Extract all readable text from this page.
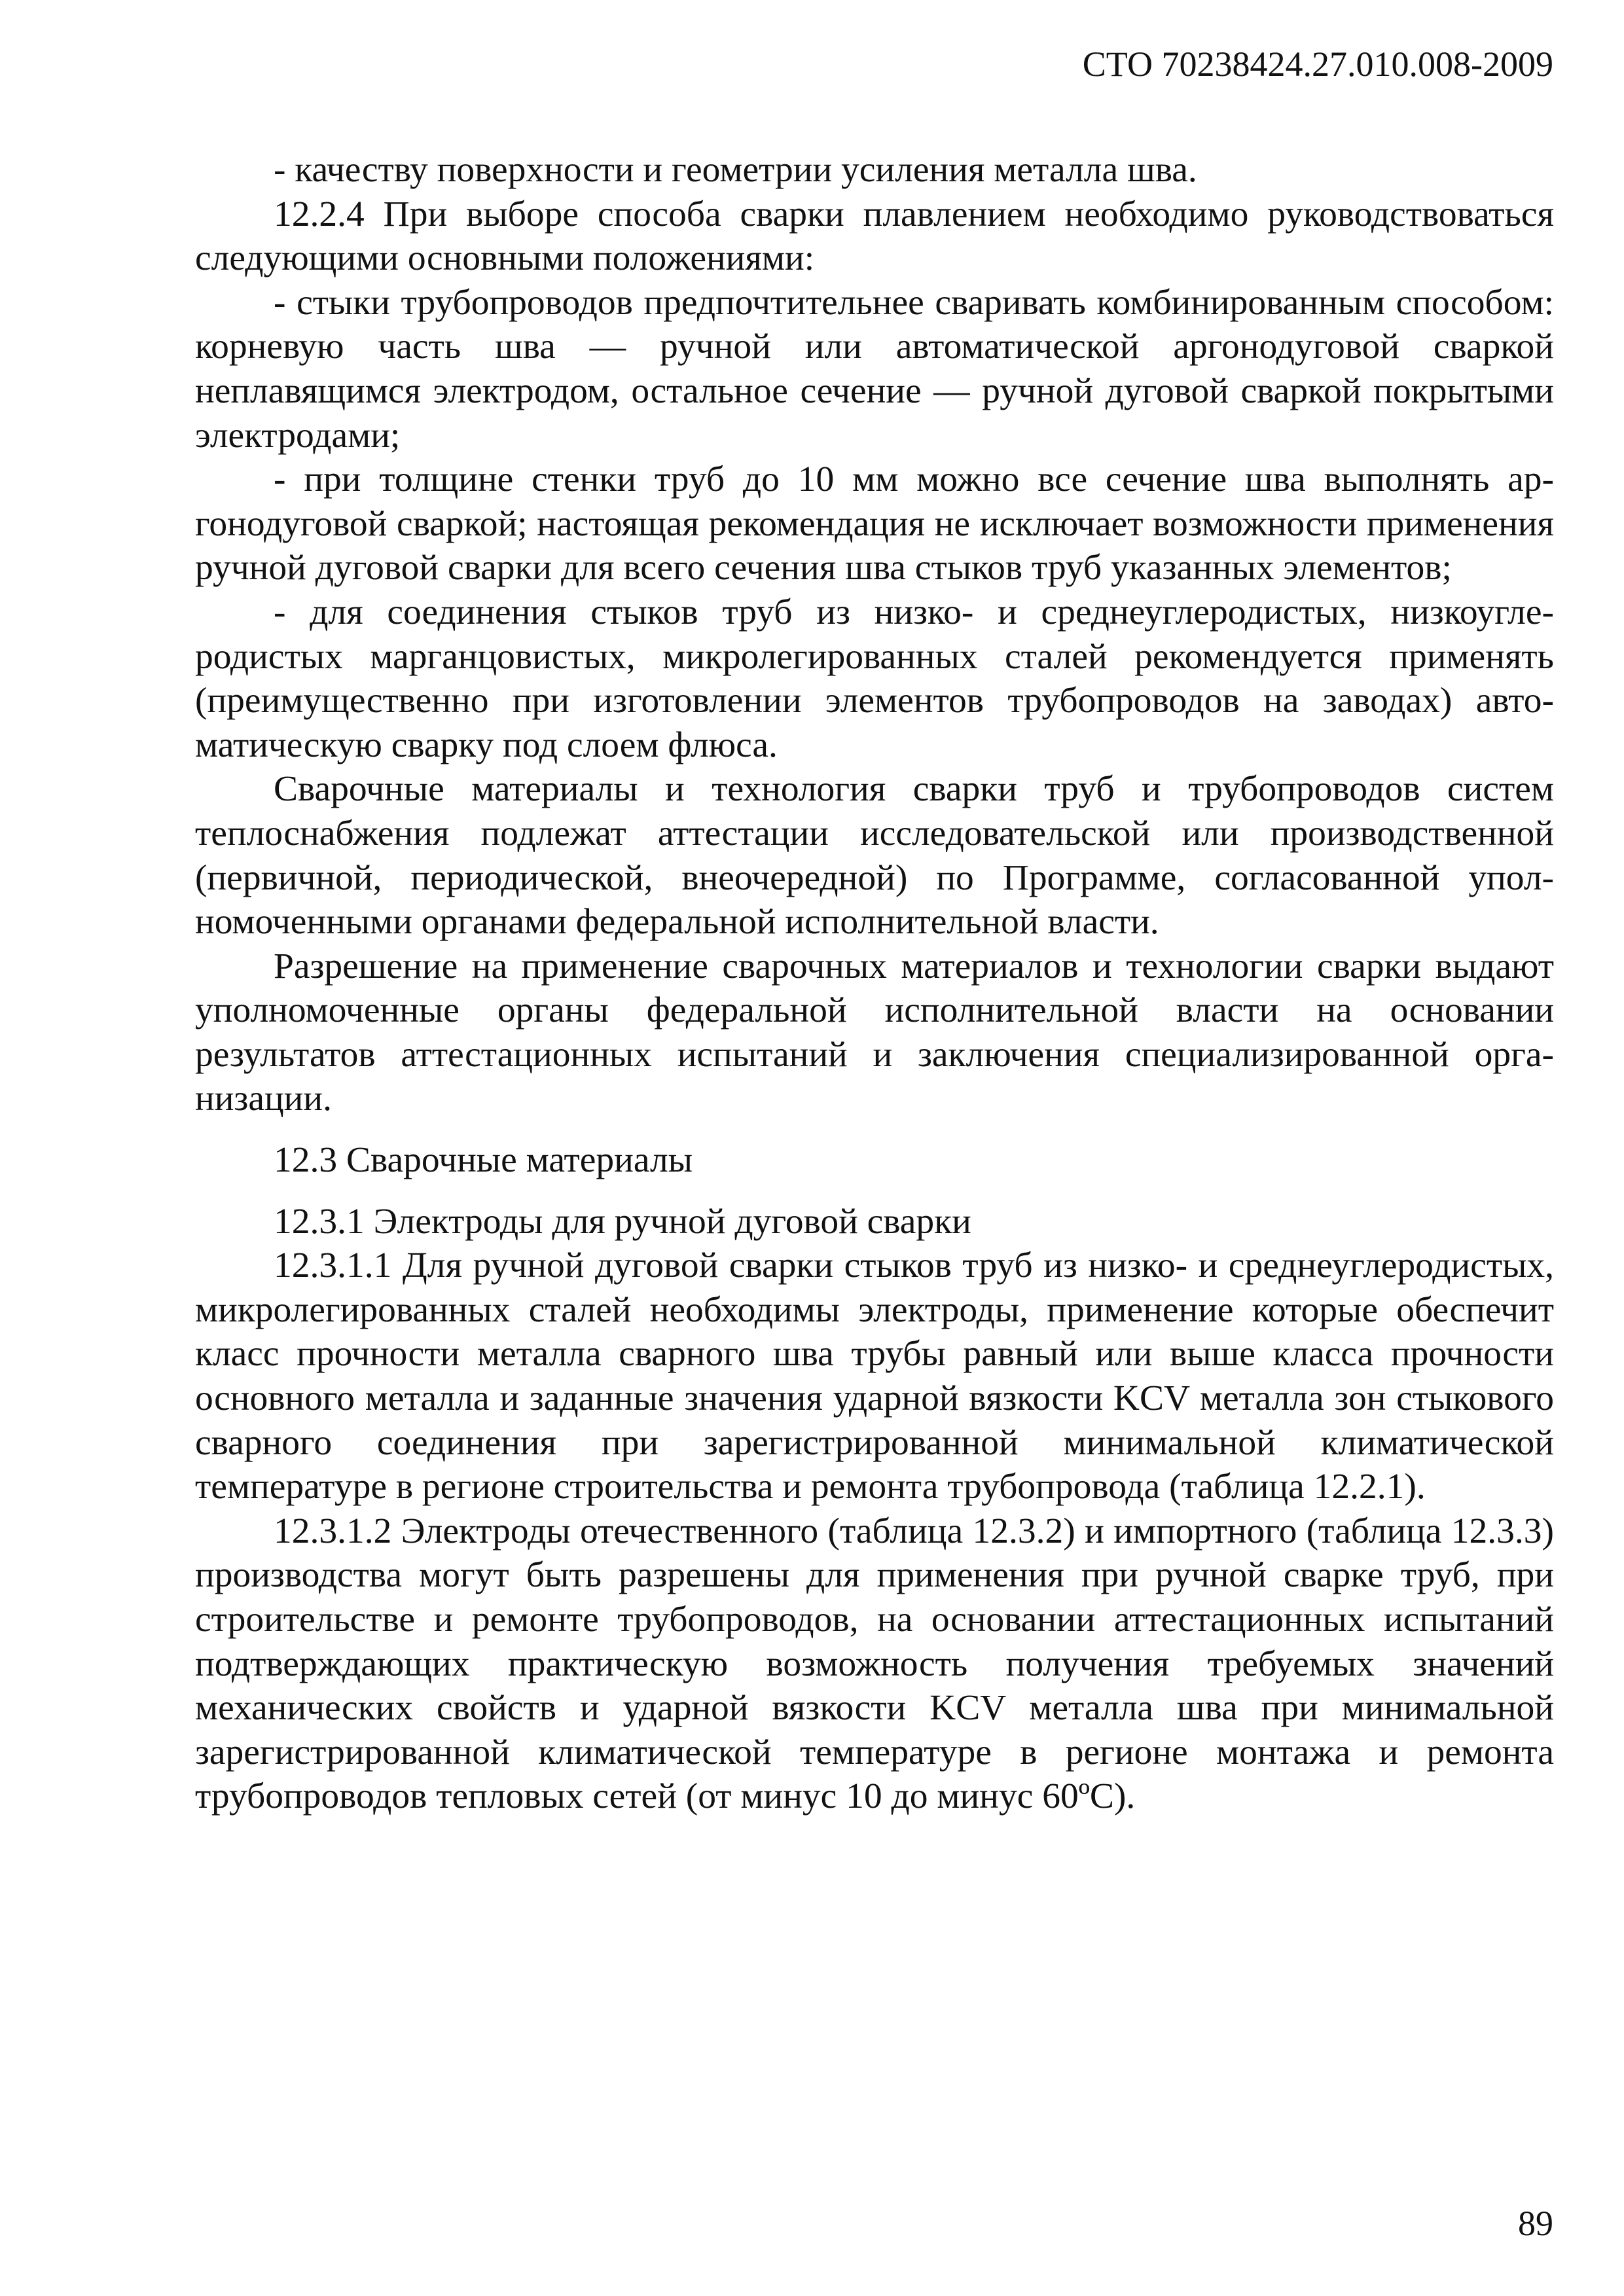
СТО 70238424.27.010.008-2009

- качеству поверхности и геометрии усиления металла шва.

12.2.4 При выборе способа сварки плавлением необходимо руководствоваться следующими основными положениями:

- стыки трубопроводов предпочтительнее сваривать комбинированным способом: корневую часть шва — ручной или автоматической аргонодуговой сваркой неплавящимся электродом, остальное сечение — ручной дуговой сваркой покрытыми электродами;

- при толщине стенки труб до 10 мм можно все сечение шва выполнять аргонодуговой сваркой; настоящая рекомендация не исключает возможности применения ручной дуговой сварки для всего сечения шва стыков труб указанных элементов;

- для соединения стыков труб из низко- и среднеуглеродистых, низкоуглеродистых марганцовистых, микролегированных сталей рекомендуется применять (преимущественно при изготовлении элементов трубопроводов на заводах) автоматическую сварку под слоем флюса.

Сварочные материалы и технология сварки труб и трубопроводов систем теплоснабжения подлежат аттестации исследовательской или производственной (первичной, периодической, внеочередной) по Программе, согласованной уполномоченными органами федеральной исполнительной власти.

Разрешение на применение сварочных материалов и технологии сварки выдают уполномоченные органы федеральной исполнительной власти на основании результатов аттестационных испытаний и заключения специализированной организации.

12.3 Сварочные материалы

12.3.1 Электроды для ручной дуговой сварки

12.3.1.1 Для ручной дуговой сварки стыков труб из низко- и среднеуглеродистых, микролегированных сталей необходимы электроды, применение которые обеспечит класс прочности металла сварного шва трубы равный или выше класса прочности основного металла и заданные значения ударной вязкости KCV металла зон стыкового сварного соединения при зарегистрированной минимальной климатической температуре в регионе строительства и ремонта трубопровода (таблица 12.2.1).

12.3.1.2 Электроды отечественного (таблица 12.3.2) и импортного (таблица 12.3.3) производства могут быть разрешены для применения при ручной сварке труб, при строительстве и ремонте трубопроводов, на основании аттестационных испытаний подтверждающих практическую возможность получения требуемых значений механических свойств и ударной вязкости KCV металла шва при минимальной зарегистрированной климатической температуре в регионе монтажа и ремонта трубопроводов тепловых сетей (от минус 10 до минус 60ºС).

89
